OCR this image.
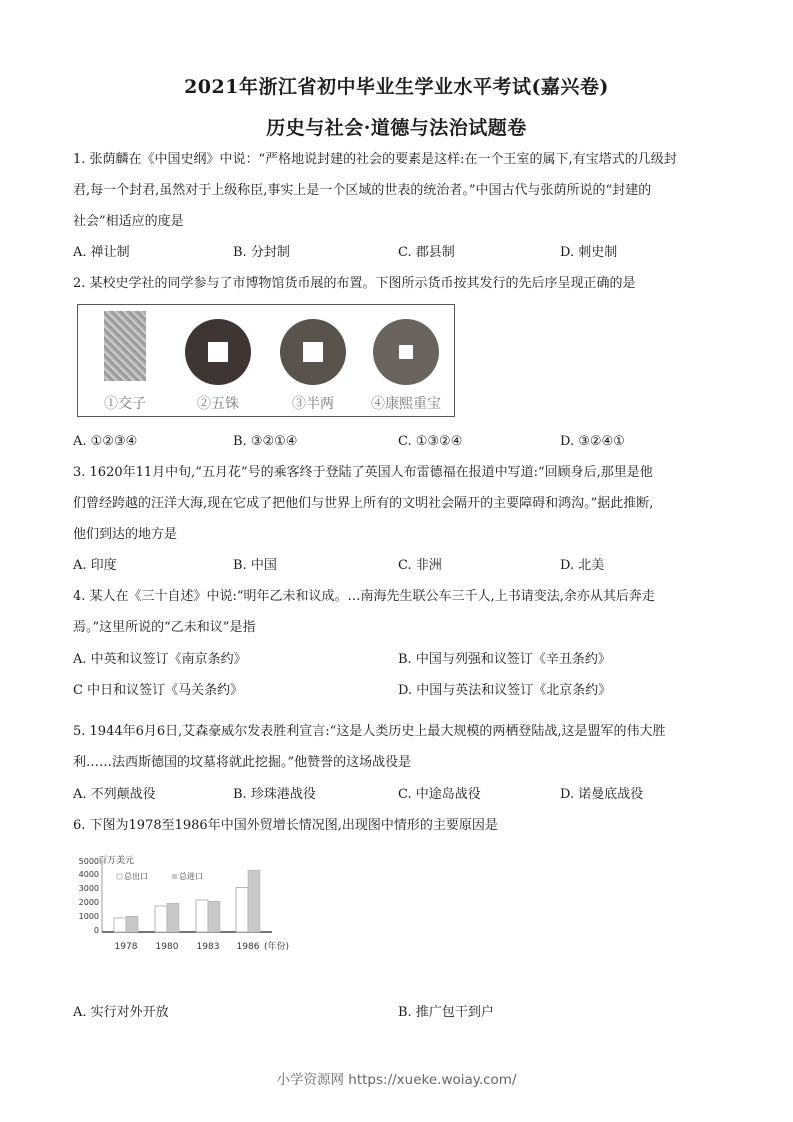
2021年浙江省初中毕业生学业水平考试(嘉兴卷)
历史与社会·道德与法治试题卷
1. 张荫麟在《中国史纲》中说：“严格地说封建的社会的要素是这样:在一个王室的属下,有宝塔式的几级封
君,每一个封君,虽然对于上级称臣,事实上是一个区域的世表的统治者。”中国古代与张荫所说的“封建的
社会”相适应的度是
A. 禅让制	B. 分封制	C. 郡县制	D. 刺史制
2. 某校史学社的同学参与了市博物馆货币展的布置。下图所示货币按其发行的先后序呈现正确的是
①交子	②五铢	③半两	④康熙重宝
A. ①②③④	B. ③②①④	C. ①③②④	D. ③②④①
3. 1620年11月中旬,“五月花”号的乘客终于登陆了英国人布雷德福在报道中写道:“回顾身后,那里是他
们曾经跨越的汪洋大海,现在它成了把他们与世界上所有的文明社会隔开的主要障碍和鸿沟。”据此推断,
他们到达的地方是
A. 印度	B. 中国	C. 非洲	D. 北美
4. 某人在《三十自述》中说:“明年乙未和议成。…南海先生联公车三千人,上书请变法,余亦从其后奔走
焉。”这里所说的“乙未和议”是指
A. 中英和议签订《南京条约》	B. 中国与列强和议签订《辛丑条约》
C 中日和议签订《马关条约》	D. 中国与英法和议签订《北京条约》
5. 1944年6月6日,艾森豪威尔发表胜利宣言:“这是人类历史上最大规模的两栖登陆战,这是盟军的伟大胜
利……法西斯德国的坟墓将就此挖掘。”他赞誉的这场战役是
A. 不列颠战役	B. 珍珠港战役	C. 中途岛战役	D. 诺曼底战役
6. 下图为1978至1986年中国外贸增长情况图,出现图中情形的主要原因是
百万美元
0
1000
2000
3000
4000
5000
总出口	总进口
1978 1980 1983 1986 (年份)
A. 实行对外开放	B. 推广包干到户
小学资源网 https://xueke.woiay.com/
